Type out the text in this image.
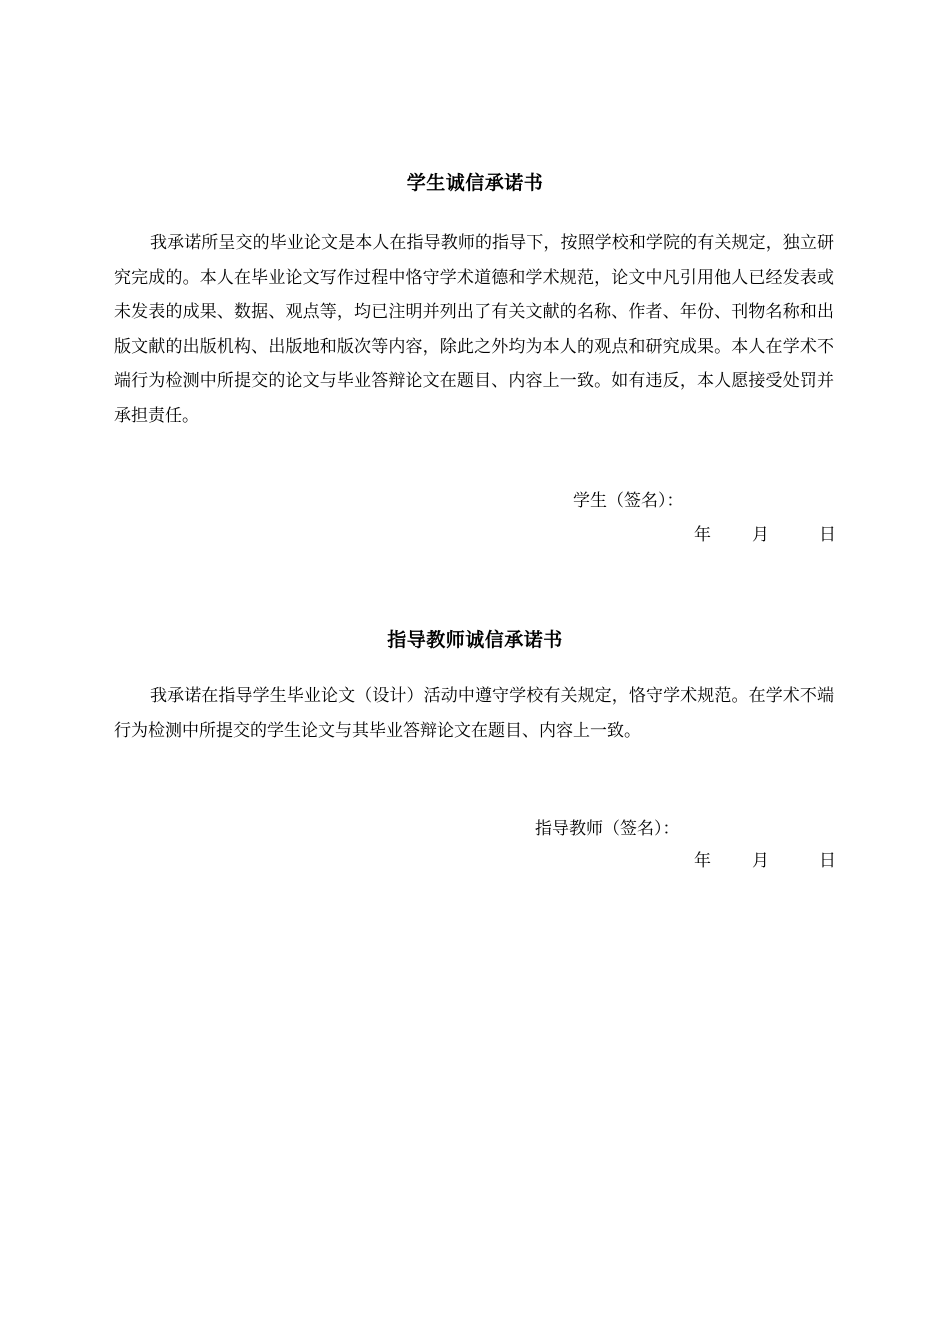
学生诚信承诺书

我承诺所呈交的毕业论文是本人在指导教师的指导下，按照学校和学院的有关规定，独立研究完成的。本人在毕业论文写作过程中恪守学术道德和学术规范，论文中凡引用他人已经发表或未发表的成果、数据、观点等，均已注明并列出了有关文献的名称、作者、年份、刊物名称和出版文献的出版机构、出版地和版次等内容，除此之外均为本人的观点和研究成果。本人在学术不端行为检测中所提交的论文与毕业答辩论文在题目、内容上一致。如有违反，本人愿接受处罚并承担责任。

学生（签名）：
年 月	日
指导教师诚信承诺书

我承诺在指导学生毕业论文（设计）活动中遵守学校有关规定，恪守学术规范。在学术不端行为检测中所提交的学生论文与其毕业答辩论文在题目、内容上一致。

指导教师（签名）：
年 月	日
